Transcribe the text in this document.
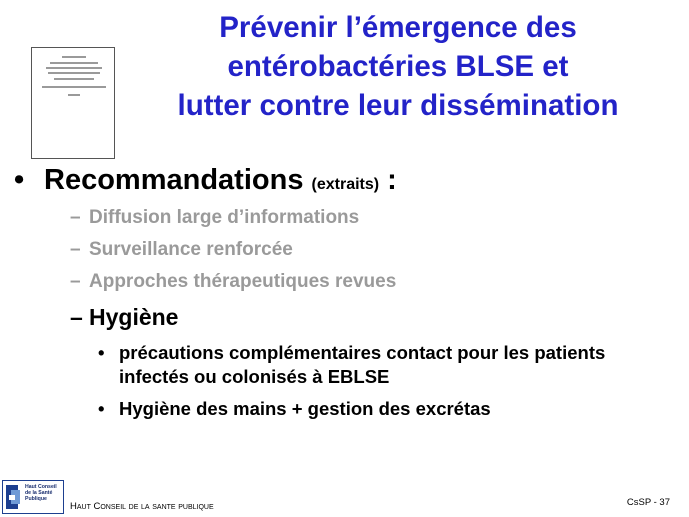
Prévenir l’émergence des
entérobactéries BLSE et
lutter contre leur dissémination
• Recommandations (extraits) :
– Diffusion large d’informations
– Surveillance renforcée
– Approches thérapeutiques revues
– Hygiène
• précautions complémentaires contact pour les patients infectés ou colonisés à EBLSE
• Hygiène des mains + gestion des excrétas
Haut Conseil de la Santé Publique
Haut Conseil de la sante publique	CsSP - 37
